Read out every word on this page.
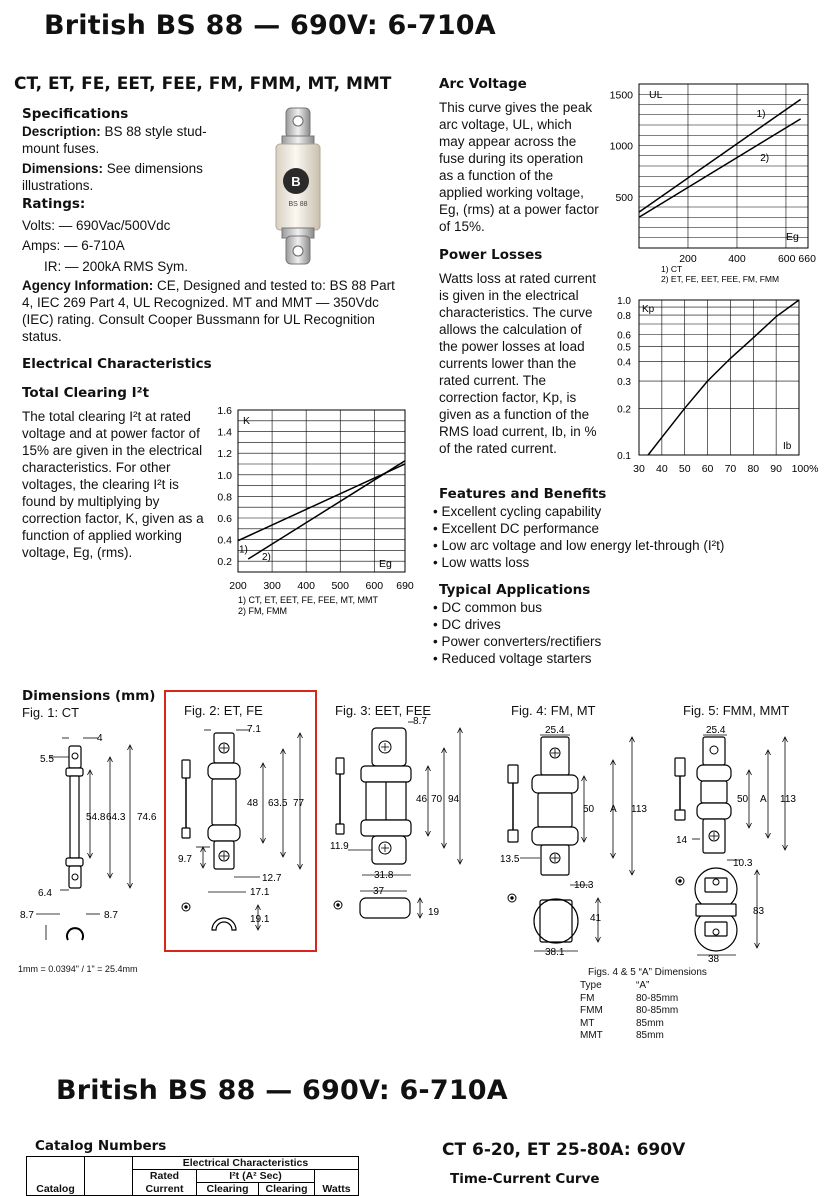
British BS 88 — 690V: 6-710A
CT, ET, FE, EET, FEE, FM, FMM, MT, MMT
Specifications
Description: BS 88 style stud-mount fuses.
Dimensions: See dimensions illustrations.
Ratings:
Volts: — 690Vac/500Vdc
Amps: — 6-710A
IR: — 200kA RMS Sym.
Agency Information: CE, Designed and tested to: BS 88 Part 4, IEC 269 Part 4, UL Recognized. MT and MMT — 350Vdc (IEC) rating. Consult Cooper Bussmann for UL Recognition status.
B
BS 88
Electrical Characteristics
Total Clearing I²t
The total clearing I²t at rated voltage and at power factor of 15% are given in the electrical characteristics. For other voltages, the clearing I²t is found by multiplying by correction factor, K, given as a function of applied working voltage, Eg, (rms).
1.6
1.4
1.2
1.0
0.8
0.6
0.4
0.2
200 300 400 500 600 690
K
Eg
1)
2)
1) CT, ET, EET, FE, FEE, MT, MMT
2) FM, FMM
Arc Voltage
This curve gives the peak arc voltage, UL, which may appear across the fuse during its operation as a function of the applied working voltage, Eg, (rms) at a power factor of 15%.
1500
1000
500
200	400	600 660
UL
Eg
1)
2)
1) CT
2) ET, FE, EET, FEE, FM, FMM
Power Losses
Watts loss at rated current is given in the electrical characteristics. The curve allows the calculation of the power losses at load currents lower than the rated current. The correction factor, Kp, is given as a function of the RMS load current, Ib, in % of the rated current.
1.0
0.8
0.6
0.5
0.4
0.3
0.2
0.1
30 40 50 60 70 80 90 100%
Kp
Ib
Features and Benefits
• Excellent cycling capability
• Excellent DC performance
• Low arc voltage and low energy let-through (I²t)
• Low watts loss
Typical Applications
• DC common bus
• DC drives
• Power converters/rectifiers
• Reduced voltage starters
Dimensions (mm)
Fig. 1: CT	Fig. 2: ET, FE	Fig. 3: EET, FEE	Fig. 4: FM, MT	Fig. 5: FMM, MMT
4
5.5
54.8 64.3 74.6
6.4
8.7	8.7
7.1
48 63.5 77
9.7
12.7
17.1
19.1
8.7
46 70 94
11.9
31.8
37
19
25.4
50 A 113
13.5
10.3
41
38.1
25.4
50 A 113
14
10.3
83
38
1mm = 0.0394" / 1" = 25.4mm	Figs. 4 & 5 “A” Dimensions
Type	“A”
FM	80-85mm
FMM	80-85mm
MT	85mm
MMT	85mm
British BS 88 — 690V: 6-710A
Catalog Numbers	CT 6-20, ET 25-80A: 690V
Time-Current Curve
Catalog		Electrical Characteristics			
		Rated	I²t (A² Sec)		
		Current	Clearing	Clearing	Watts
